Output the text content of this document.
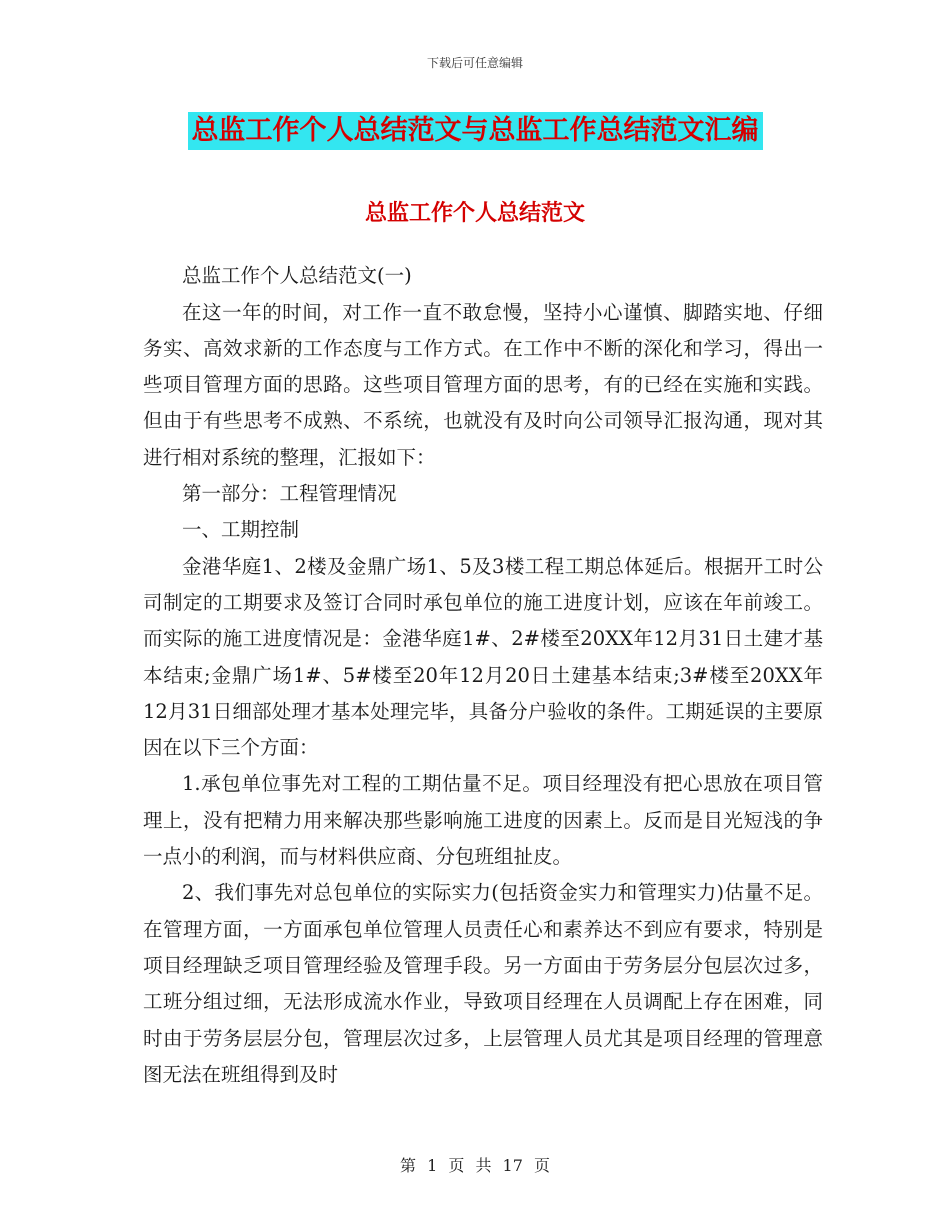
下载后可任意编辑
总监工作个人总结范文与总监工作总结范文汇编
总监工作个人总结范文

总监工作个人总结范文(一)

在这一年的时间，对工作一直不敢怠慢，坚持小心谨慎、脚踏实地、仔细务实、高效求新的工作态度与工作方式。在工作中不断的深化和学习，得出一些项目管理方面的思路。这些项目管理方面的思考，有的已经在实施和实践。但由于有些思考不成熟、不系统，也就没有及时向公司领导汇报沟通，现对其进行相对系统的整理，汇报如下：

第一部分：工程管理情况

一、工期控制

金港华庭1、2楼及金鼎广场1、5及3楼工程工期总体延后。根据开工时公司制定的工期要求及签订合同时承包单位的施工进度计划，应该在年前竣工。而实际的施工进度情况是：金港华庭1#、2#楼至20XX年12月31日土建才基本结束;金鼎广场1#、5#楼至20年12月20日土建基本结束;3#楼至20XX年12月31日细部处理才基本处理完毕，具备分户验收的条件。工期延误的主要原因在以下三个方面：

1.承包单位事先对工程的工期估量不足。项目经理没有把心思放在项目管理上，没有把精力用来解决那些影响施工进度的因素上。反而是目光短浅的争一点小的利润，而与材料供应商、分包班组扯皮。

2、我们事先对总包单位的实际实力(包括资金实力和管理实力)估量不足。在管理方面，一方面承包单位管理人员责任心和素养达不到应有要求，特别是项目经理缺乏项目管理经验及管理手段。另一方面由于劳务层分包层次过多，工班分组过细，无法形成流水作业，导致项目经理在人员调配上存在困难，同时由于劳务层层分包，管理层次过多，上层管理人员尤其是项目经理的管理意图无法在班组得到及时

第 1 页 共 17 页
